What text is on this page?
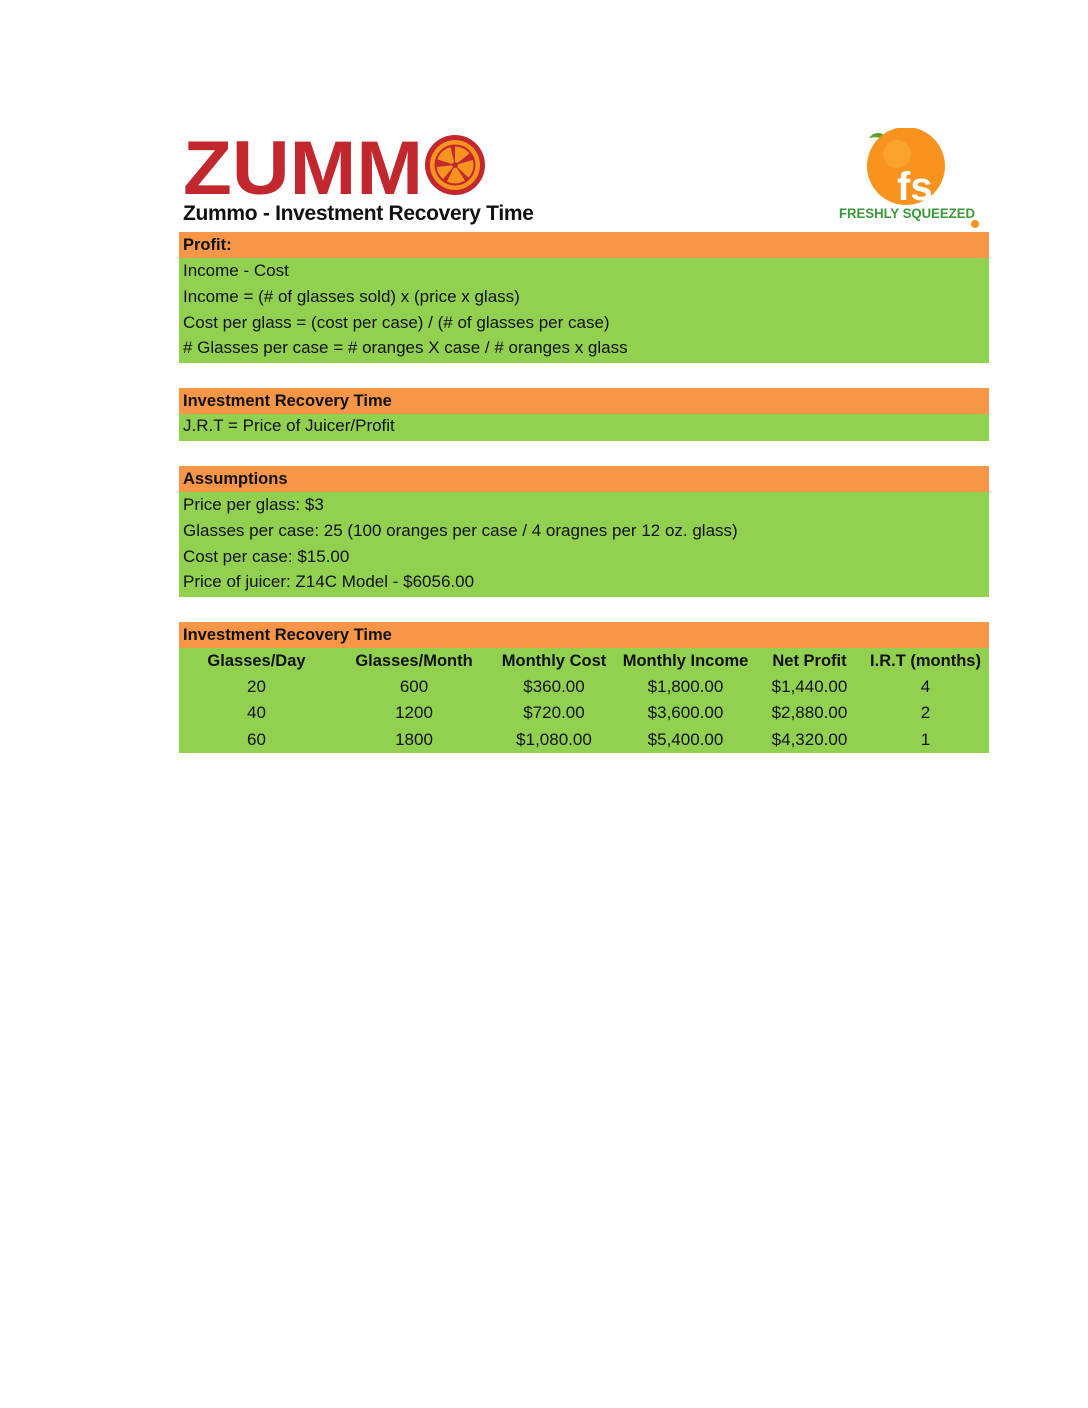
ZUMM	fs
FRESHLY SQUEEZED
Zummo - Investment Recovery Time
Profit:
Income - Cost
Income = (# of glasses sold) x (price x glass)
Cost per glass = (cost per case) / (# of glasses per case)
# Glasses per case = # oranges X case / # oranges x glass
Investment Recovery Time
J.R.T = Price of Juicer/Profit
Assumptions
Price per glass: $3
Glasses per case: 25 (100 oranges per case / 4 oragnes per 12 oz. glass)
Cost per case: $15.00
Price of juicer: Z14C Model - $6056.00
Investment Recovery Time
Glasses/Day	Glasses/Month	Monthly Cost	Monthly Income	Net Profit	I.R.T (months)
20	600	$360.00	$1,800.00	$1,440.00	4
40	1200	$720.00	$3,600.00	$2,880.00	2
60	1800	$1,080.00	$5,400.00	$4,320.00	1
